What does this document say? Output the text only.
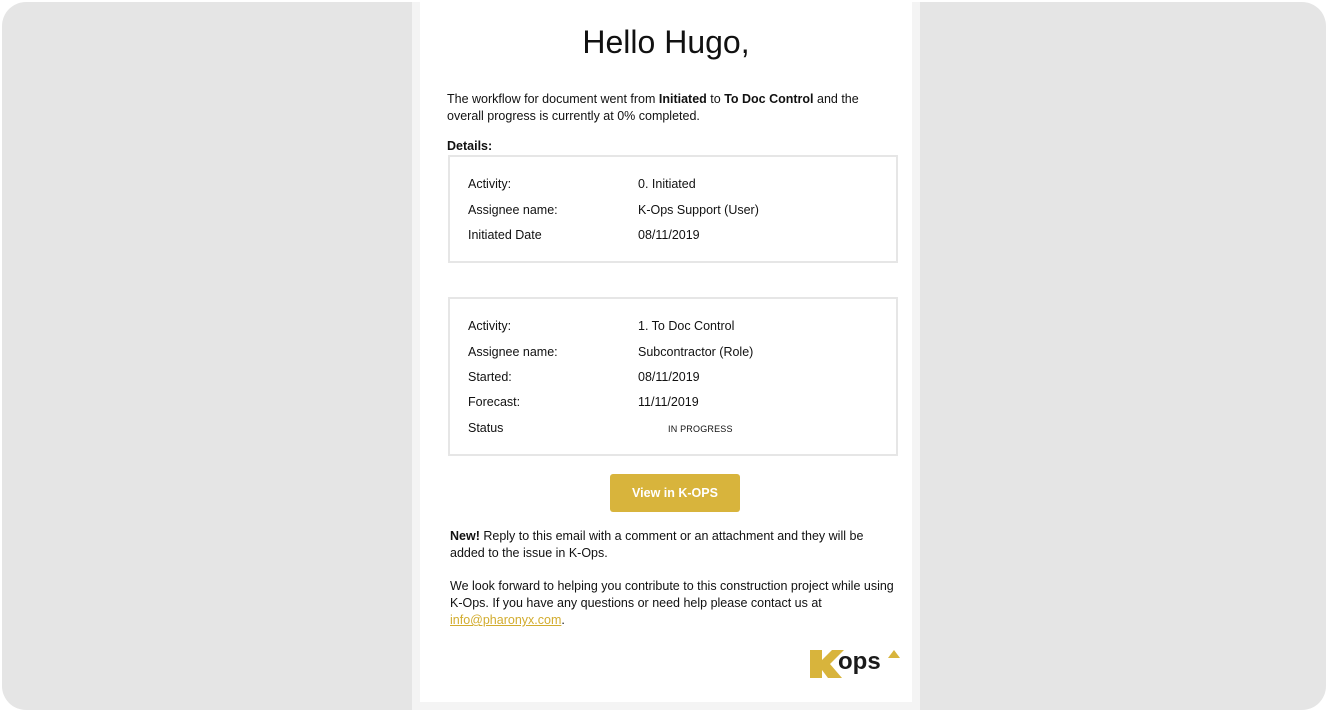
Hello Hugo,

The workflow for document went from Initiated to To Doc Control and the overall progress is currently at 0% completed.

Details:
Activity:	0. Initiated
Assignee name:	K-Ops Support (User)
Initiated Date	08/11/2019
Activity:	1. To Doc Control
Assignee name:	Subcontractor (Role)
Started:	08/11/2019
Forecast:	11/11/2019
Status	IN PROGRESS
View in K-OPS

New! Reply to this email with a comment or an attachment and they will be added to the issue in K-Ops.

We look forward to helping you contribute to this construction project while using K-Ops. If you have any questions or need help please contact us at info@pharonyx.com.

ops
